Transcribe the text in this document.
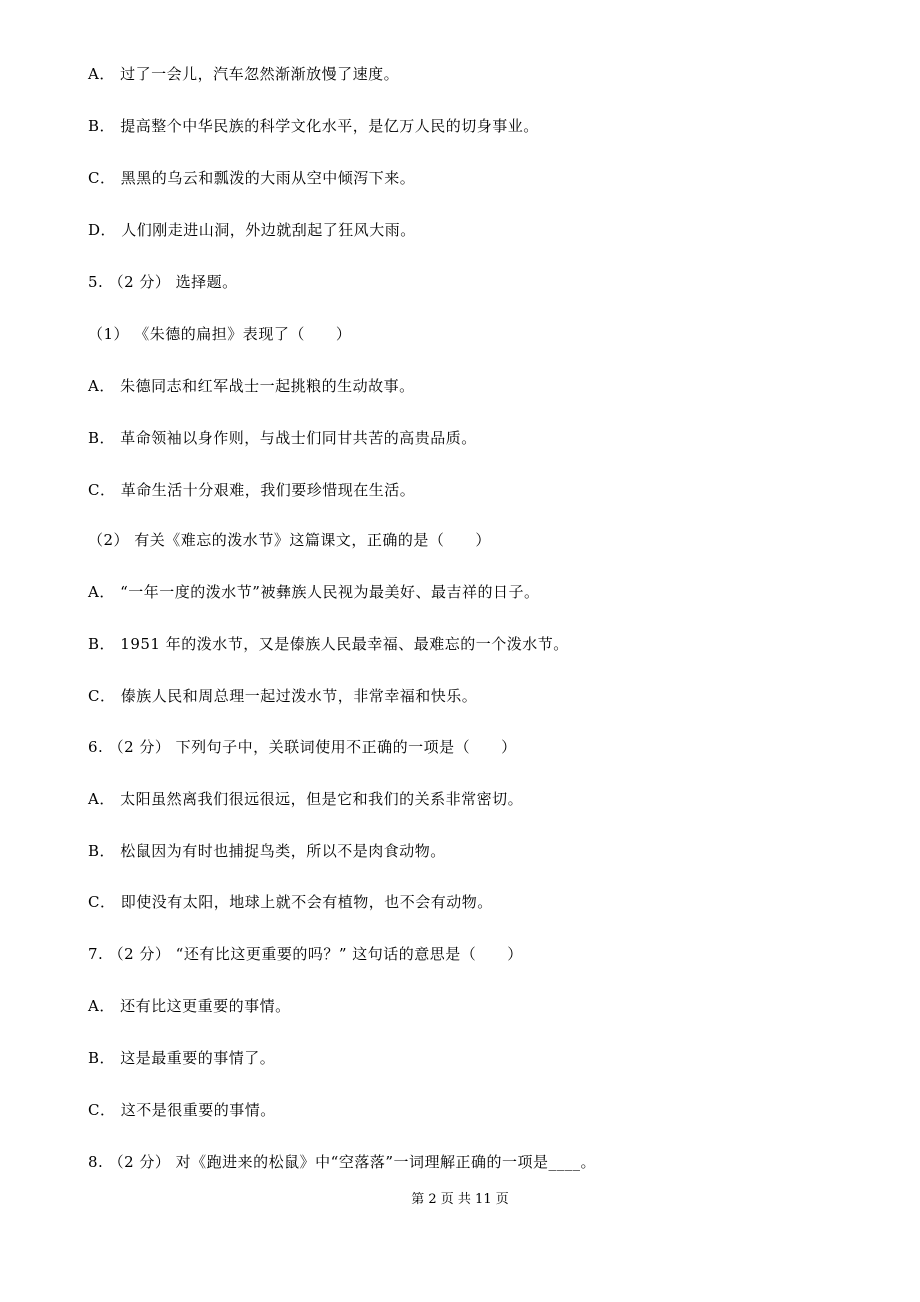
A． 过了一会儿，汽车忽然渐渐放慢了速度。
B． 提高整个中华民族的科学文化水平，是亿万人民的切身事业。
C． 黑黑的乌云和瓢泼的大雨从空中倾泻下来。
D． 人们刚走进山洞，外边就刮起了狂风大雨。
5. （2 分） 选择题。
（1） 《朱德的扁担》表现了（　　）
A． 朱德同志和红军战士一起挑粮的生动故事。
B． 革命领袖以身作则，与战士们同甘共苦的高贵品质。
C． 革命生活十分艰难，我们要珍惜现在生活。
（2） 有关《难忘的泼水节》这篇课文，正确的是（　　）
A． “一年一度的泼水节”被彝族人民视为最美好、最吉祥的日子。
B． 1951 年的泼水节，又是傣族人民最幸福、最难忘的一个泼水节。
C． 傣族人民和周总理一起过泼水节，非常幸福和快乐。
6. （2 分） 下列句子中，关联词使用不正确的一项是（　　）
A． 太阳虽然离我们很远很远，但是它和我们的关系非常密切。
B． 松鼠因为有时也捕捉鸟类，所以不是肉食动物。
C． 即使没有太阳，地球上就不会有植物，也不会有动物。
7. （2 分） “还有比这更重要的吗？” 这句话的意思是（　　）
A． 还有比这更重要的事情。
B． 这是最重要的事情了。
C． 这不是很重要的事情。
8. （2 分） 对《跑进来的松鼠》中“空落落”一词理解正确的一项是____。
第 2 页 共 11 页
